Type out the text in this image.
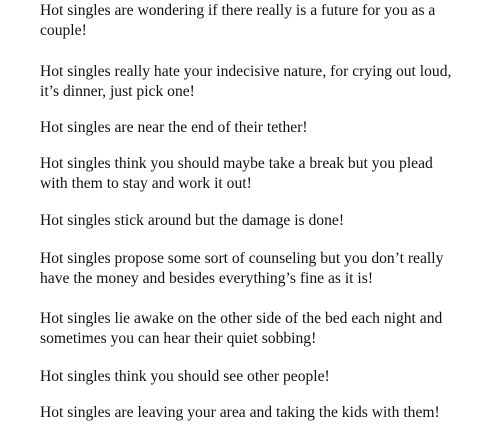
Hot singles are wondering if there really is a future for you as a
couple!

Hot singles really hate your indecisive nature, for crying out loud,
it’s dinner, just pick one!

Hot singles are near the end of their tether!

Hot singles think you should maybe take a break but you plead
with them to stay and work it out!

Hot singles stick around but the damage is done!

Hot singles propose some sort of counseling but you don’t really
have the money and besides everything’s fine as it is!

Hot singles lie awake on the other side of the bed each night and
sometimes you can hear their quiet sobbing!

Hot singles think you should see other people!

Hot singles are leaving your area and taking the kids with them!
